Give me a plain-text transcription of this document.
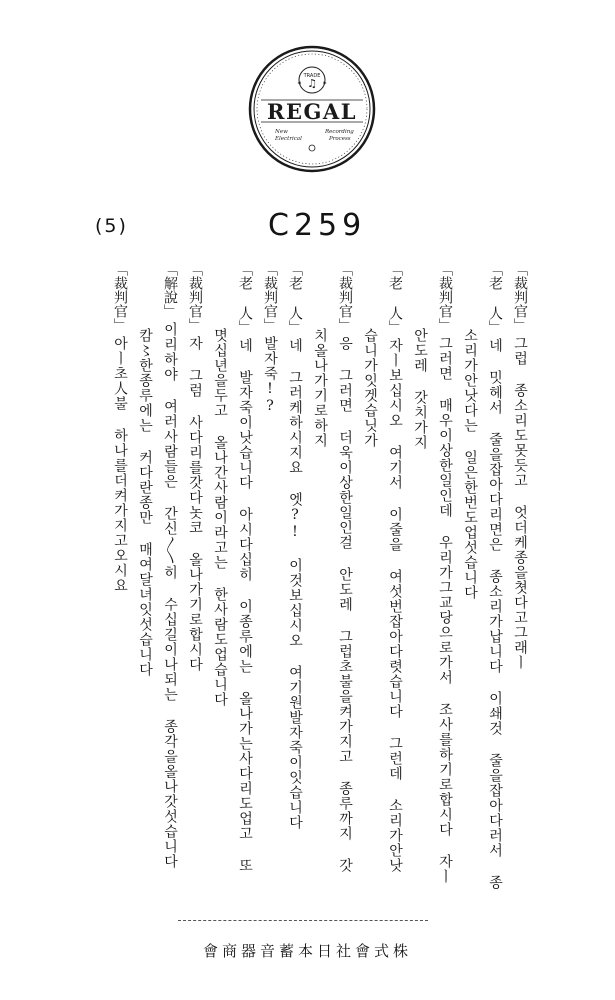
TRADE
♫
◀	▶
REGAL
New
Electrical
Recording
Process
(5)	C259
「裁判官」그럽 종소리도못듯고 엇더케종을쳣다고그래ㅣ
「老 人」네 밋헤서 줄을잡아다리면은 종소리가납니다 이쇄것 줄을잡아다러서 종
소리가안낫다는 일은한번도업섯습니다
「裁判官」그러면 매우이상한일인데 우리가그교당으로가서 조사를하기로합시다 자ㅣ
안도레 갓치가지
「老 人」자ㅣ보십시오 여기서 이줄을 여섯번잡아다렷습니다 그런데 소리가안낫
습니가잇겟습닛가
「裁判官」응 그러면 더욱이상한일인걸 안도레 그럽초불을켜가지고 종루까지 갓
치올나가기로하지
「老 人」네 그러케하시지요 엣?! 이것보십시오 여기원발자죽이잇습니다
「裁判官」발자죽!?
「老 人」네 발자죽이낫습니다 아시다십히 이종루에는 올나가는사다리도업고 또
몃십년을두고 올나간사람이라고는 한사람도업습니다
「裁判官」자 그럼 사다리를갓다놋코 올나가기로합시다
「解說」이리하야 여러사람들은 간신〳〵히 수십길이나되는 종각을올나갓섯습니다
캄〻한종루에는 커다란종만 매여달녀잇섯습니다
「裁判官」아ㅣ초人불 하나를더켜가지고오시요
會商器音蓄本日社會式株
